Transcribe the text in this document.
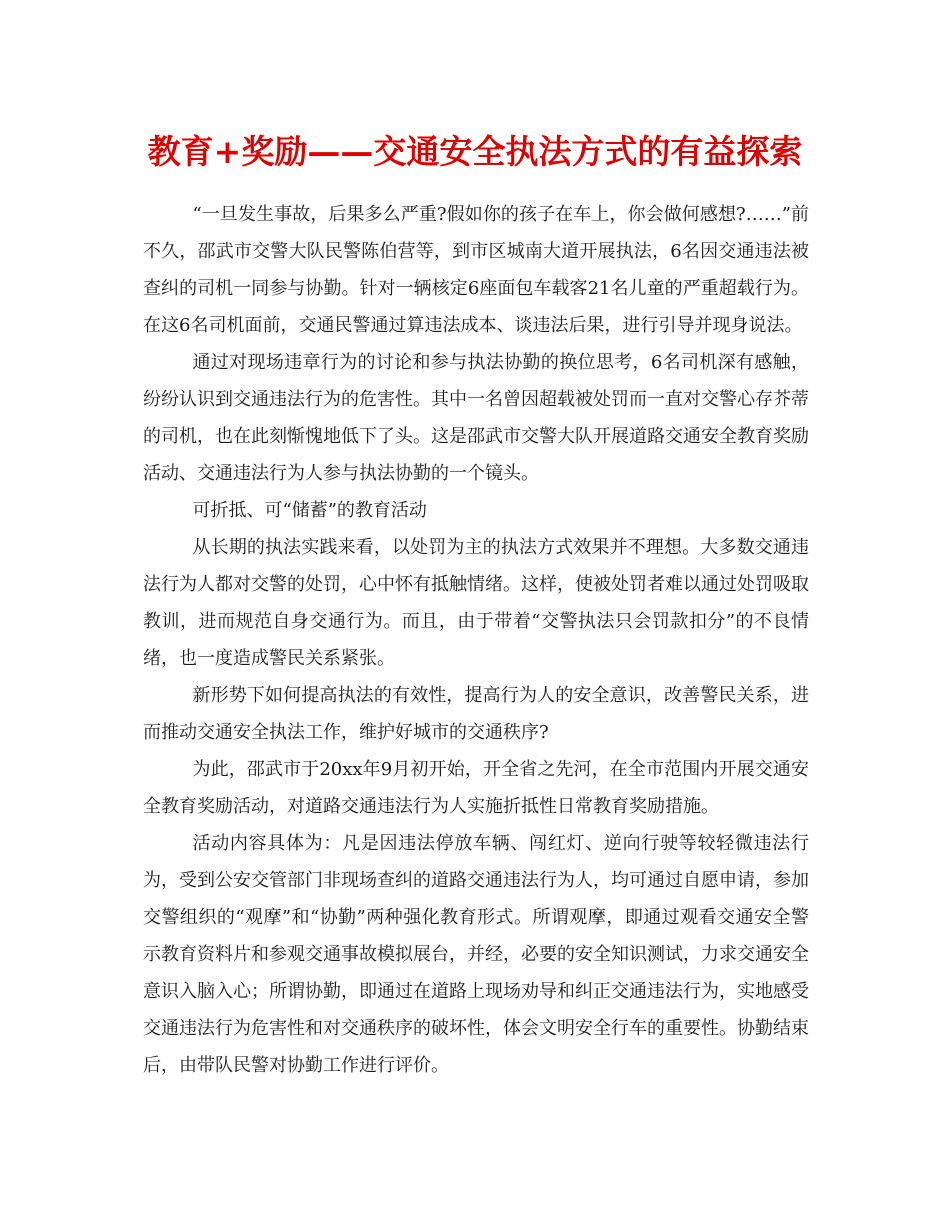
教育+奖励——交通安全执法方式的有益探索

“一旦发生事故，后果多么严重?假如你的孩子在车上，你会做何感想?……”前不久，邵武市交警大队民警陈伯营等，到市区城南大道开展执法，6名因交通违法被查纠的司机一同参与协勤。针对一辆核定6座面包车载客21名儿童的严重超载行为。在这6名司机面前，交通民警通过算违法成本、谈违法后果，进行引导并现身说法。

通过对现场违章行为的讨论和参与执法协勤的换位思考，6名司机深有感触，纷纷认识到交通违法行为的危害性。其中一名曾因超载被处罚而一直对交警心存芥蒂的司机，也在此刻惭愧地低下了头。这是邵武市交警大队开展道路交通安全教育奖励活动、交通违法行为人参与执法协勤的一个镜头。

可折抵、可“储蓄”的教育活动

从长期的执法实践来看，以处罚为主的执法方式效果并不理想。大多数交通违法行为人都对交警的处罚，心中怀有抵触情绪。这样，使被处罚者难以通过处罚吸取教训，进而规范自身交通行为。而且，由于带着“交警执法只会罚款扣分”的不良情绪，也一度造成警民关系紧张。

新形势下如何提高执法的有效性，提高行为人的安全意识，改善警民关系，进而推动交通安全执法工作，维护好城市的交通秩序?

为此，邵武市于20xx年9月初开始，开全省之先河，在全市范围内开展交通安全教育奖励活动，对道路交通违法行为人实施折抵性日常教育奖励措施。

活动内容具体为：凡是因违法停放车辆、闯红灯、逆向行驶等较轻微违法行为，受到公安交管部门非现场查纠的道路交通违法行为人，均可通过自愿申请，参加交警组织的“观摩”和“协勤”两种强化教育形式。所谓观摩，即通过观看交通安全警示教育资料片和参观交通事故模拟展台，并经，必要的安全知识测试，力求交通安全意识入脑入心；所谓协勤，即通过在道路上现场劝导和纠正交通违法行为，实地感受交通违法行为危害性和对交通秩序的破坏性，体会文明安全行车的重要性。协勤结束后，由带队民警对协勤工作进行评价。
